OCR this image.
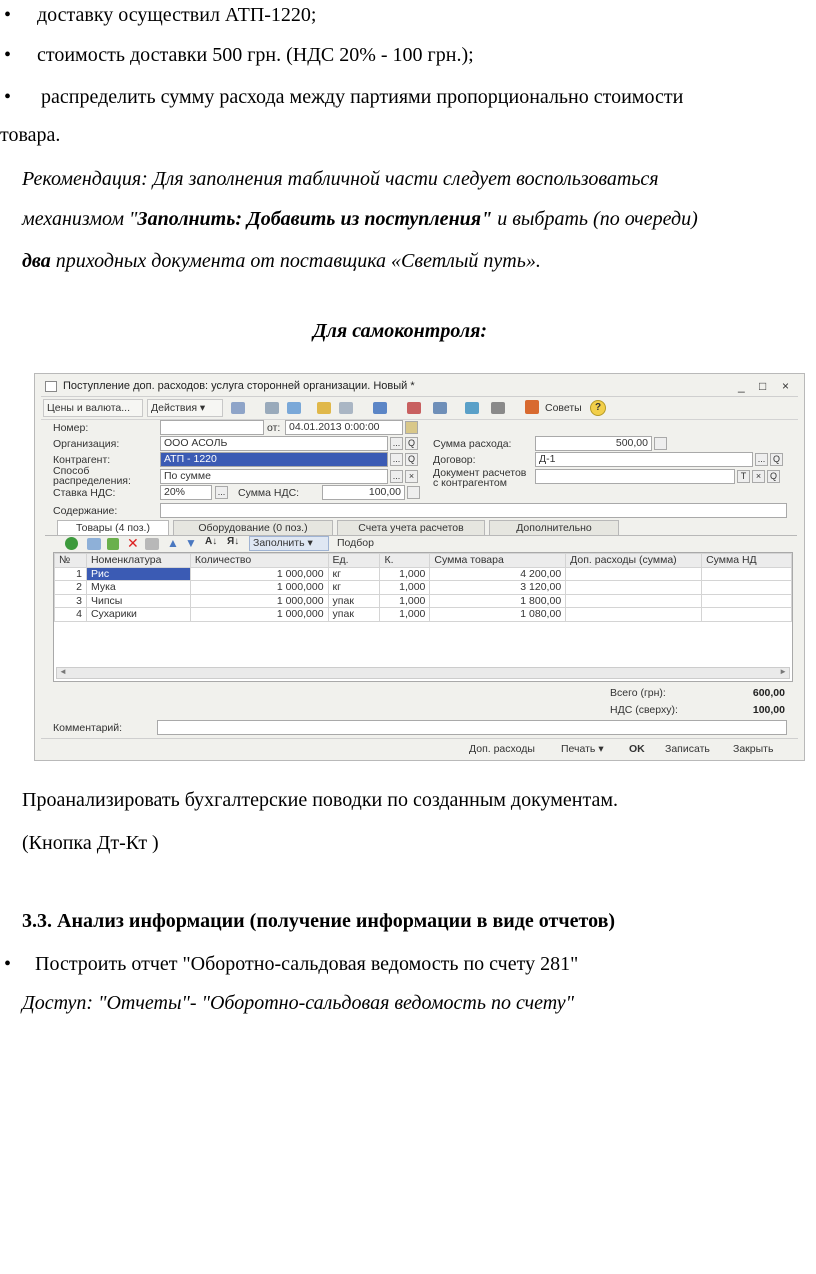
• доставку осуществил АТП-1220;
• стоимость доставки 500 грн. (НДС 20% - 100 грн.);
• распределить сумму расхода между партиями пропорционально стоимости
товара.
Рекомендация: Для заполнения табличной части следует воспользоваться
механизмом "Заполнить: Добавить из поступления" и выбрать (по очереди)
два приходных документа от поставщика «Светлый путь».
Для самоконтроля:
Поступление доп. расходов: услуга сторонней организации. Новый *	_ □ ×
Цены и валюта...	Действия ▾	Советы	?
Номер:	от: 04.01.2013 0:00:00
Организация:	ООО АСОЛЬ	... Q Сумма расхода:	500,00
Контрагент:	АТП - 1220	... Q Договор:	Д-1	... Q
Способ распределения:	По сумме	... ×	Документ расчетов с контрагентом
T	× Q
Ставка НДС:	20%	... Сумма НДС:	100,00
Содержание:
Товары (4 поз.)	Оборудование (0 поз.)	Счета учета расчетов	Дополнительно
✕ ▲ ▼ A↓ Я↓	Заполнить ▾	Подбор
№	Номенклатура	Количество	Ед.	К.	Сумма товара	Доп. расходы (сумма)	Сумма НД
1	Рис	1 000,000	кг	1,000	4 200,00		
2	Мука	1 000,000	кг	1,000	3 120,00		
3	Чипсы	1 000,000	упак	1,000	1 800,00		
4	Сухарики	1 000,000	упак	1,000	1 080,00		
◄	►
Всего (грн):	600,00
НДС (сверху):	100,00
Комментарий:
Доп. расходы	Печать ▾	OK	Записать	Закрыть
Проанализировать бухгалтерские поводки по созданным документам.
(Кнопка Дт-Кт )
3.3. Анализ информации (получение информации в виде отчетов)
• Построить отчет "Оборотно-сальдовая ведомость по счету 281"
Доступ: "Отчеты"- "Оборотно-сальдовая ведомость по счету"
